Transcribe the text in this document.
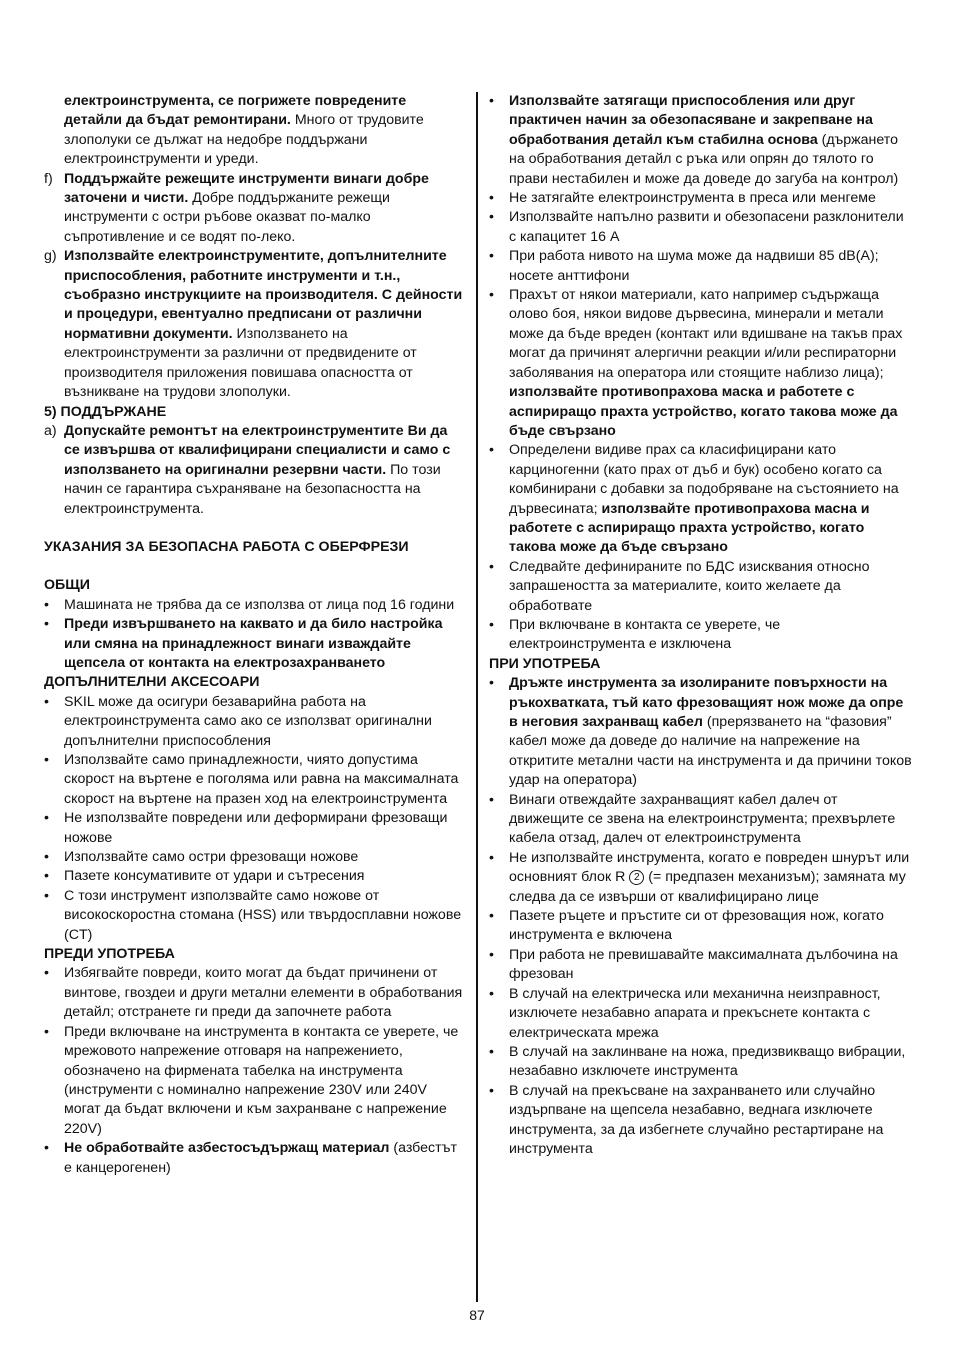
електроинструмента, се погрижете повредените детайли да бъдат ремонтирани. Много от трудовите злополуки се дължат на недобре поддържани електроинструменти и уреди.

f) Поддържайте режещите инструменти винаги добре заточени и чисти. Добре поддържаните режещи инструменти с остри ръбове оказват по-малко съпротивление и се водят по-леко.

g) Използвайте електроинструментите, допълнителните приспособления, работните инструменти и т.н., съобразно инструкциите на производителя. С дейности и процедури, евентуално предписани от различни нормативни документи. Използването на електроинструменти за различни от предвидените от производителя приложения повишава опасността от възникване на трудови злополуки.

5) ПОДДЪРЖАНЕ

a) Допускайте ремонтът на електроинструментите Ви да се извършва от квалифицирани специалисти и само с използването на оригинални резервни части. По този начин се гарантира съхраняване на безопасността на електроинструмента.

УКАЗАНИЯ ЗА БЕЗОПАСНА РАБОТА С ОБЕРФРЕЗИ

ОБЩИ

• Машината не трябва да се използва от лица под 16 години

• Преди извършването на каквато и да било настройка или смяна на принадлежност винаги изваждайте щепсела от контакта на електрозахранването

ДОПЪЛНИТЕЛНИ АКСЕСОАРИ

• SKIL може да осигури безаварийна работа на електроинструмента само ако се използват оригинални допълнителни приспособления

• Използвайте само принадлежности, чиято допустима скорост на въртене е поголяма или равна на максималната скорост на въртене на празен ход на електроинструмента

• Не използвайте повредени или деформирани фрезоващи ножове

• Използвайте само остри фрезоващи ножове

• Пазете консумативите от удари и сътресения

• С този инструмент използвайте само ножове от високоскоростна стомана (HSS) или твърдосплавни ножове (CT)

ПРЕДИ УПОТРЕБА

• Избягвайте повреди, които могат да бъдат причинени от винтове, гвоздеи и други метални елементи в обработвания детайл; отстранете ги преди да започнете работа

• Преди включване на инструмента в контакта се уверете, че мрежовото напрежение отговаря на напрежението, обозначено на фирмената табелка на инструмента (инструменти с номинално напрежение 230V или 240V могат да бъдат включени и към захранване с напрежение 220V)

• Не обработвайте азбестосъдържащ материал (азбестът е канцерогенен)

• Използвайте затягащи приспособления или друг практичен начин за обезопасяване и закрепване на обработвания детайл към стабилна основа (държането на обработвания детайл с ръка или опрян до тялото го прави нестабилен и може да доведе до загуба на контрол)

• Не затягайте електроинструмента в преса или менгеме

• Използвайте напълно развити и обезопасени разклонители с капацитет 16 A

• При работа нивото на шума може да надвиши 85 dB(A); носете анттифони

• Прахът от някои материали, като например съдържаща олово боя, някои видове дървесина, минерали и метали може да бъде вреден (контакт или вдишване на такъв прах могат да причинят алергични реакции и/или респираторни заболявания на оператора или стоящите наблизо лица); използвайте противопрахова маска и работете с аспириращо прахта устройство, когато такова може да бъде свързано

• Определени видиве прах са класифицирани като карциногенни (като прах от дъб и бук) особено когато са комбинирани с добавки за подобряване на състоянието на дървесината; използвайте противопрахова масна и работете с аспириращо прахта устройство, когато такова може да бъде свързано

• Следвайте дефинираните по БДС изисквания относно запрашеността за материалите, които желаете да обработвате

• При включване в контакта се уверете, че електроинструмента е изключена

ПРИ УПОТРЕБА

• Дръжте инструмента за изолираните повърхности на ръкохватката, тъй като фрезоващият нож може да опре в неговия захранващ кабел (прерязването на “фазовия” кабел може да доведе до наличие на напрежение на откритите метални части на инструмента и да причини токов удар на оператора)

• Винаги отвеждайте захранващият кабел далеч от движещите се звена на електроинструмента; прехвърлете кабела отзад, далеч от електроинструмента

• Не използвайте инструмента, когато е повреден шнурът или основният блок R 2 (= предпазен механизъм); замяната му следва да се извърши от квалифицирано лице

• Пазете ръцете и пръстите си от фрезоващия нож, когато инструмента е включена

• При работа не превишавайте максималната дълбочина на фрезован

• В случай на електрическа или механична неизправност, изключете незабавно апарата и прекъснете контакта с електрическата мрежа

• В случай на заклинване на ножа, предизвикващо вибрации, незабавно изключете инструмента

• В случай на прекъсване на захранването или случайно издърпване на щепсела незабавно, веднага изключете инструмента, за да избегнете случайно рестартиране на инструмента

87
